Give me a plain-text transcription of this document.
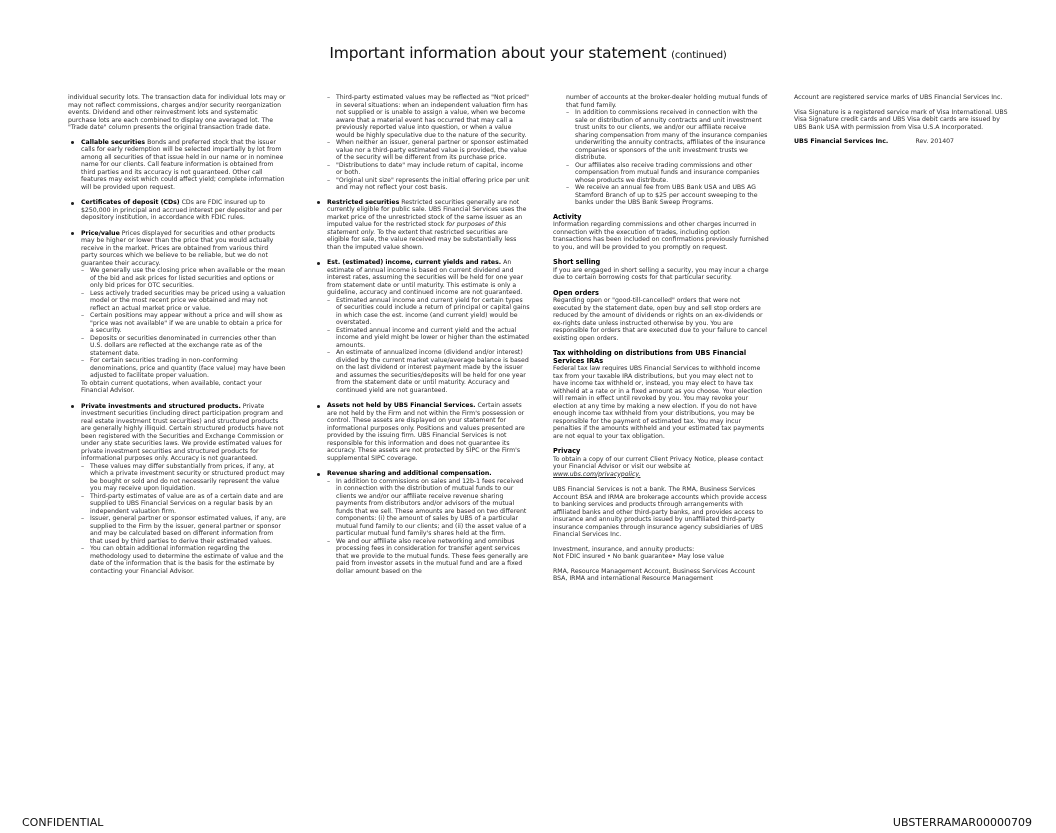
Important information about your statement (continued)

individual security lots. The transaction data for individual lots may or may not reflect commissions, charges and/or security reorganization events. Dividend and other reinvestment lots and systematic purchase lots are each combined to display one averaged lot. The "Trade date" column presents the original transaction trade date.

Callable securities Bonds and preferred stock that the issuer calls for early redemption will be selected impartially by lot from among all securities of that issue held in our name or in nominee name for our clients. Call feature information is obtained from third parties and its accuracy is not guaranteed. Other call features may exist which could affect yield; complete information will be provided upon request.
Certificates of deposit (CDs) CDs are FDIC insured up to $250,000 in principal and accrued interest per depositor and per depository institution, in accordance with FDIC rules.
Price/value Prices displayed for securities and other products may be higher or lower than the price that you would actually receive in the market. Prices are obtained from various third party sources which we believe to be reliable, but we do not guarantee their accuracy.
– We generally use the closing price when available or the mean of the bid and ask prices for listed securities and options or only bid prices for OTC securities.
– Less actively traded securities may be priced using a valuation model or the most recent price we obtained and may not reflect an actual market price or value.
– Certain positions may appear without a price and will show as "price was not available" if we are unable to obtain a price for a security.
– Deposits or securities denominated in currencies other than U.S. dollars are reflected at the exchange rate as of the statement date.
– For certain securities trading in non-conforming denominations, price and quantity (face value) may have been adjusted to facilitate proper valuation.
To obtain current quotations, when available, contact your Financial Advisor.
Private investments and structured products. Private investment securities (including direct participation program and real estate investment trust securities) and structured products are generally highly illiquid. Certain structured products have not been registered with the Securities and Exchange Commission or under any state securities laws. We provide estimated values for private investment securities and structured products for informational purposes only. Accuracy is not guaranteed.
– These values may differ substantially from prices, if any, at which a private investment security or structured product may be bought or sold and do not necessarily represent the value you may receive upon liquidation.
– Third-party estimates of value are as of a certain date and are supplied to UBS Financial Services on a regular basis by an independent valuation firm.
– Issuer, general partner or sponsor estimated values, if any, are supplied to the Firm by the issuer, general partner or sponsor and may be calculated based on different information from that used by third parties to derive their estimated values.
– You can obtain additional information regarding the methodology used to determine the estimate of value and the date of the information that is the basis for the estimate by contacting your Financial Advisor.
– Third-party estimated values may be reflected as "Not priced" in several situations: when an independent valuation firm has not supplied or is unable to assign a value, when we become aware that a material event has occurred that may call a previously reported value into question, or when a value would be highly speculative due to the nature of the security.
– When neither an issuer, general partner or sponsor estimated value nor a third-party estimated value is provided, the value of the security will be different from its purchase price.
– "Distributions to date" may include return of capital, income or both.
– "Original unit size" represents the initial offering price per unit and may not reflect your cost basis.
Restricted securities Restricted securities generally are not currently eligible for public sale. UBS Financial Services uses the market price of the unrestricted stock of the same issuer as an imputed value for the restricted stock for purposes of this statement only. To the extent that restricted securities are eligible for sale, the value received may be substantially less than the imputed value shown.
Est. (estimated) income, current yields and rates. An estimate of annual income is based on current dividend and interest rates, assuming the securities will be held for one year from statement date or until maturity. This estimate is only a guideline, accuracy and continued income are not guaranteed.
– Estimated annual income and current yield for certain types of securities could include a return of principal or capital gains in which case the est. income (and current yield) would be overstated.
– Estimated annual income and current yield and the actual income and yield might be lower or higher than the estimated amounts.
– An estimate of annualized income (dividend and/or interest) divided by the current market value/average balance is based on the last dividend or interest payment made by the issuer and assumes the securities/deposits will be held for one year from the statement date or until maturity. Accuracy and continued yield are not guaranteed.
Assets not held by UBS Financial Services. Certain assets are not held by the Firm and not within the Firm's possession or control. These assets are displayed on your statement for informational purposes only. Positions and values presented are provided by the issuing firm. UBS Financial Services is not responsible for this information and does not guarantee its accuracy. These assets are not protected by SIPC or the Firm's supplemental SIPC coverage.
Revenue sharing and additional compensation.
– In addition to commissions on sales and 12b-1 fees received in connection with the distribution of mutual funds to our clients we and/or our affiliate receive revenue sharing payments from distributors and/or advisors of the mutual funds that we sell. These amounts are based on two different components: (i) the amount of sales by UBS of a particular mutual fund family to our clients; and (ii) the asset value of a particular mutual fund family's shares held at the firm.
– We and our affiliate also receive networking and omnibus processing fees in consideration for transfer agent services that we provide to the mutual funds. These fees generally are paid from investor assets in the mutual fund and are a fixed dollar amount based on the
number of accounts at the broker-dealer holding mutual funds of that fund family.
– In addition to commissions received in connection with the sale or distribution of annuity contracts and unit investment trust units to our clients, we and/or our affiliate receive sharing compensation from many of the insurance companies underwriting the annuity contracts, affiliates of the insurance companies or sponsors of the unit investment trusts we distribute.
– Our affiliates also receive trading commissions and other compensation from mutual funds and insurance companies whose products we distribute.
– We receive an annual fee from UBS Bank USA and UBS AG Stamford Branch of up to $25 per account sweeping to the banks under the UBS Bank Sweep Programs.
Activity
Information regarding commissions and other charges incurred in connection with the execution of trades, including option transactions has been included on confirmations previously furnished to you, and will be provided to you promptly on request.
Short selling
If you are engaged in short selling a security, you may incur a charge due to certain borrowing costs for that particular security.
Open orders
Regarding open or "good-till-cancelled" orders that were not executed by the statement date, open buy and sell stop orders are reduced by the amount of dividends or rights on an ex-dividends or ex-rights date unless instructed otherwise by you. You are responsible for orders that are executed due to your failure to cancel existing open orders.
Tax withholding on distributions from UBS Financial Services IRAs
Federal tax law requires UBS Financial Services to withhold income tax from your taxable IRA distributions, but you may elect not to have income tax withheld or, instead, you may elect to have tax withheld at a rate or in a fixed amount as you choose. Your election will remain in effect until revoked by you. You may revoke your election at any time by making a new election. If you do not have enough income tax withheld from your distributions, you may be responsible for the payment of estimated tax. You may incur penalties if the amounts withheld and your estimated tax payments are not equal to your tax obligation.
Privacy
To obtain a copy of our current Client Privacy Notice, please contact your Financial Advisor or visit our website at
www.ubs.com/privacypolicy.

UBS Financial Services is not a bank. The RMA, Business Services Account BSA and IRMA are brokerage accounts which provide access to banking services and products through arrangements with affiliated banks and other third-party banks, and provides access to insurance and annuity products issued by unaffiliated third-party insurance companies through insurance agency subsidiaries of UBS Financial Services Inc.

Investment, insurance, and annuity products:
Not FDIC insured • No bank guarantee• May lose value

RMA, Resource Management Account, Business Services Account BSA, IRMA and international Resource Management

Account are registered service marks of UBS Financial Services Inc.

Visa Signature is a registered service mark of Visa International. UBS Visa Signature credit cards and UBS Visa debit cards are issued by UBS Bank USA with permission from Visa U.S.A Incorporated.

UBS Financial Services Inc.	Rev. 201407
CONFIDENTIAL	UBSTERRAMAR00000709
